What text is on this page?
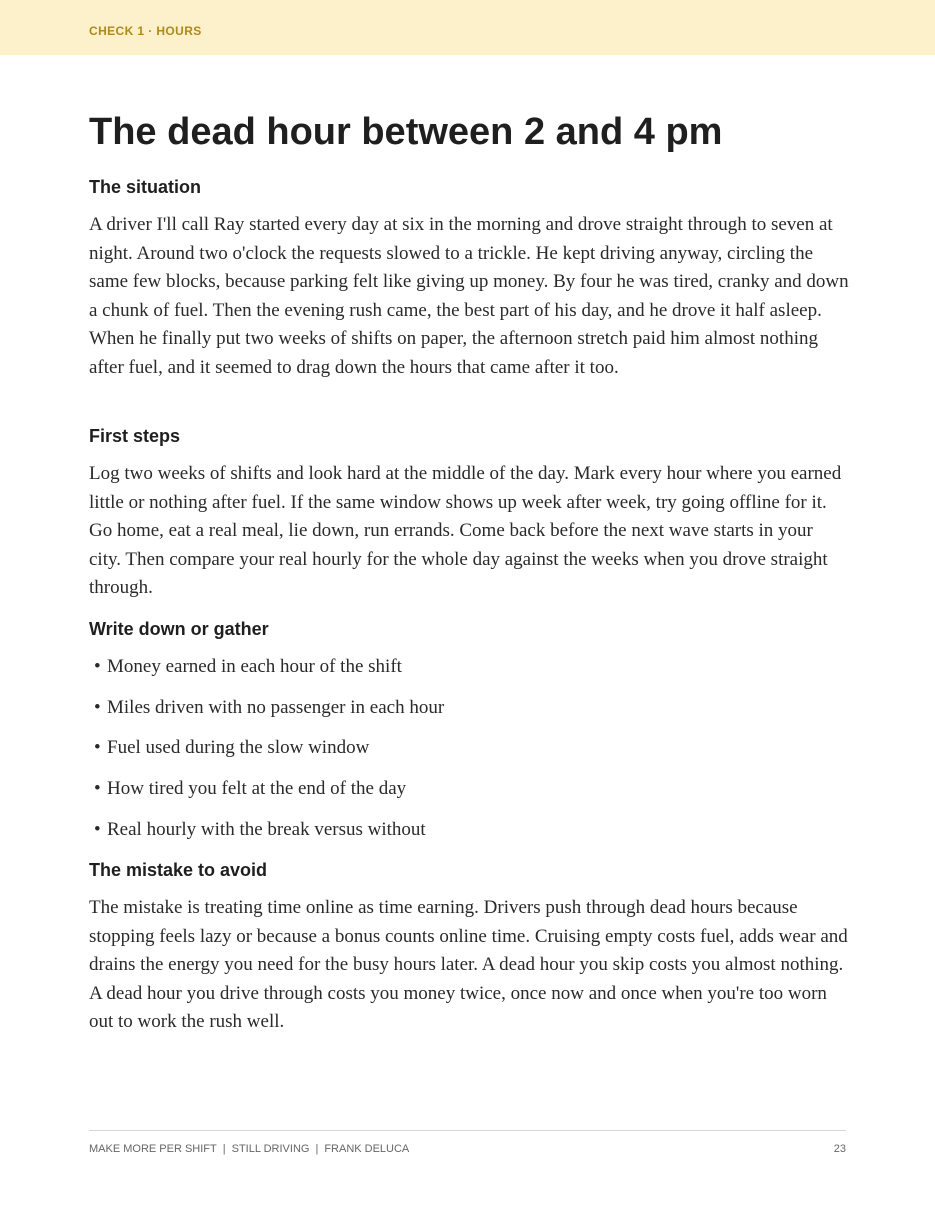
CHECK 1 · HOURS
The dead hour between 2 and 4 pm
The situation

A driver I'll call Ray started every day at six in the morning and drove straight through to seven at night. Around two o'clock the requests slowed to a trickle. He kept driving anyway, circling the same few blocks, because parking felt like giving up money. By four he was tired, cranky and down a chunk of fuel. Then the evening rush came, the best part of his day, and he drove it half asleep. When he finally put two weeks of shifts on paper, the afternoon stretch paid him almost nothing after fuel, and it seemed to drag down the hours that came after it too.

First steps

Log two weeks of shifts and look hard at the middle of the day. Mark every hour where you earned little or nothing after fuel. If the same window shows up week after week, try going offline for it. Go home, eat a real meal, lie down, run errands. Come back before the next wave starts in your city. Then compare your real hourly for the whole day against the weeks when you drove straight through.

Write down or gather
• Money earned in each hour of the shift
• Miles driven with no passenger in each hour
• Fuel used during the slow window
• How tired you felt at the end of the day
• Real hourly with the break versus without
The mistake to avoid

The mistake is treating time online as time earning. Drivers push through dead hours because stopping feels lazy or because a bonus counts online time. Cruising empty costs fuel, adds wear and drains the energy you need for the busy hours later. A dead hour you skip costs you almost nothing. A dead hour you drive through costs you money twice, once now and once when you're too worn out to work the rush well.

MAKE MORE PER SHIFT | STILL DRIVING | FRANK DELUCA	23
